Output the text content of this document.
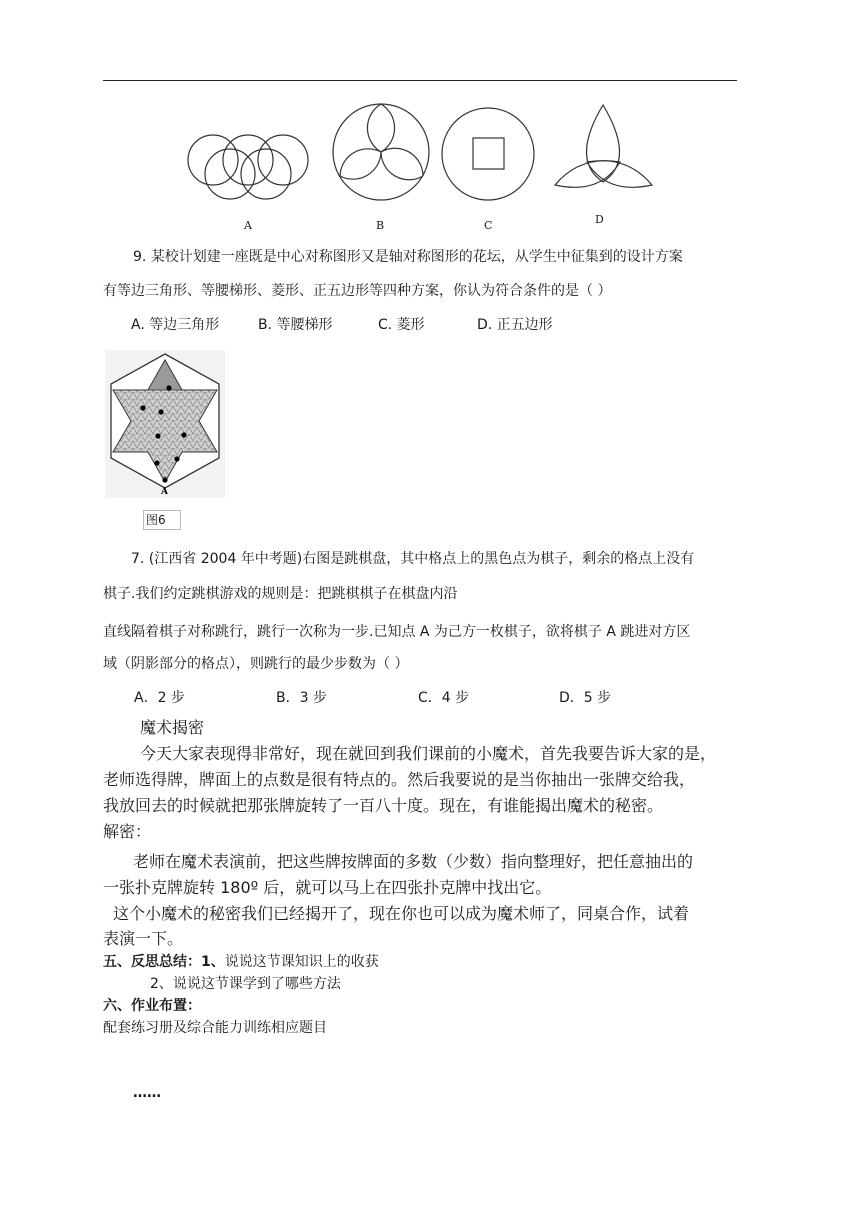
A	B	C	D
9. 某校计划建一座既是中心对称图形又是轴对称图形的花坛，从学生中征集到的设计方案
有等边三角形、等腰梯形、菱形、正五边形等四种方案，你认为符合条件的是（ ）
A. 等边三角形	B. 等腰梯形	C. 菱形	D. 正五边形
A
图6
7. (江西省 2004 年中考题)右图是跳棋盘，其中格点上的黑色点为棋子，剩余的格点上没有
棋子.我们约定跳棋游戏的规则是：把跳棋棋子在棋盘内沿
直线隔着棋子对称跳行，跳行一次称为一步.已知点 A 为己方一枚棋子，欲将棋子 A 跳进对方区
域（阴影部分的格点），则跳行的最少步数为（ ）
A．2 步	B．3 步	C．4 步	D．5 步
魔术揭密
今天大家表现得非常好，现在就回到我们课前的小魔术，首先我要告诉大家的是，
老师选得牌，牌面上的点数是很有特点的。然后我要说的是当你抽出一张牌交给我，
我放回去的时候就把那张牌旋转了一百八十度。现在，有谁能揭出魔术的秘密。
解密：
老师在魔术表演前，把这些牌按牌面的多数（少数）指向整理好，把任意抽出的
一张扑克牌旋转 180º 后，就可以马上在四张扑克牌中找出它。
这个小魔术的秘密我们已经揭开了，现在你也可以成为魔术师了，同桌合作，试着
表演一下。
五、反思总结：1、说说这节课知识上的收获
2、说说这节课学到了哪些方法
六、作业布置：
配套练习册及综合能力训练相应题目
……
